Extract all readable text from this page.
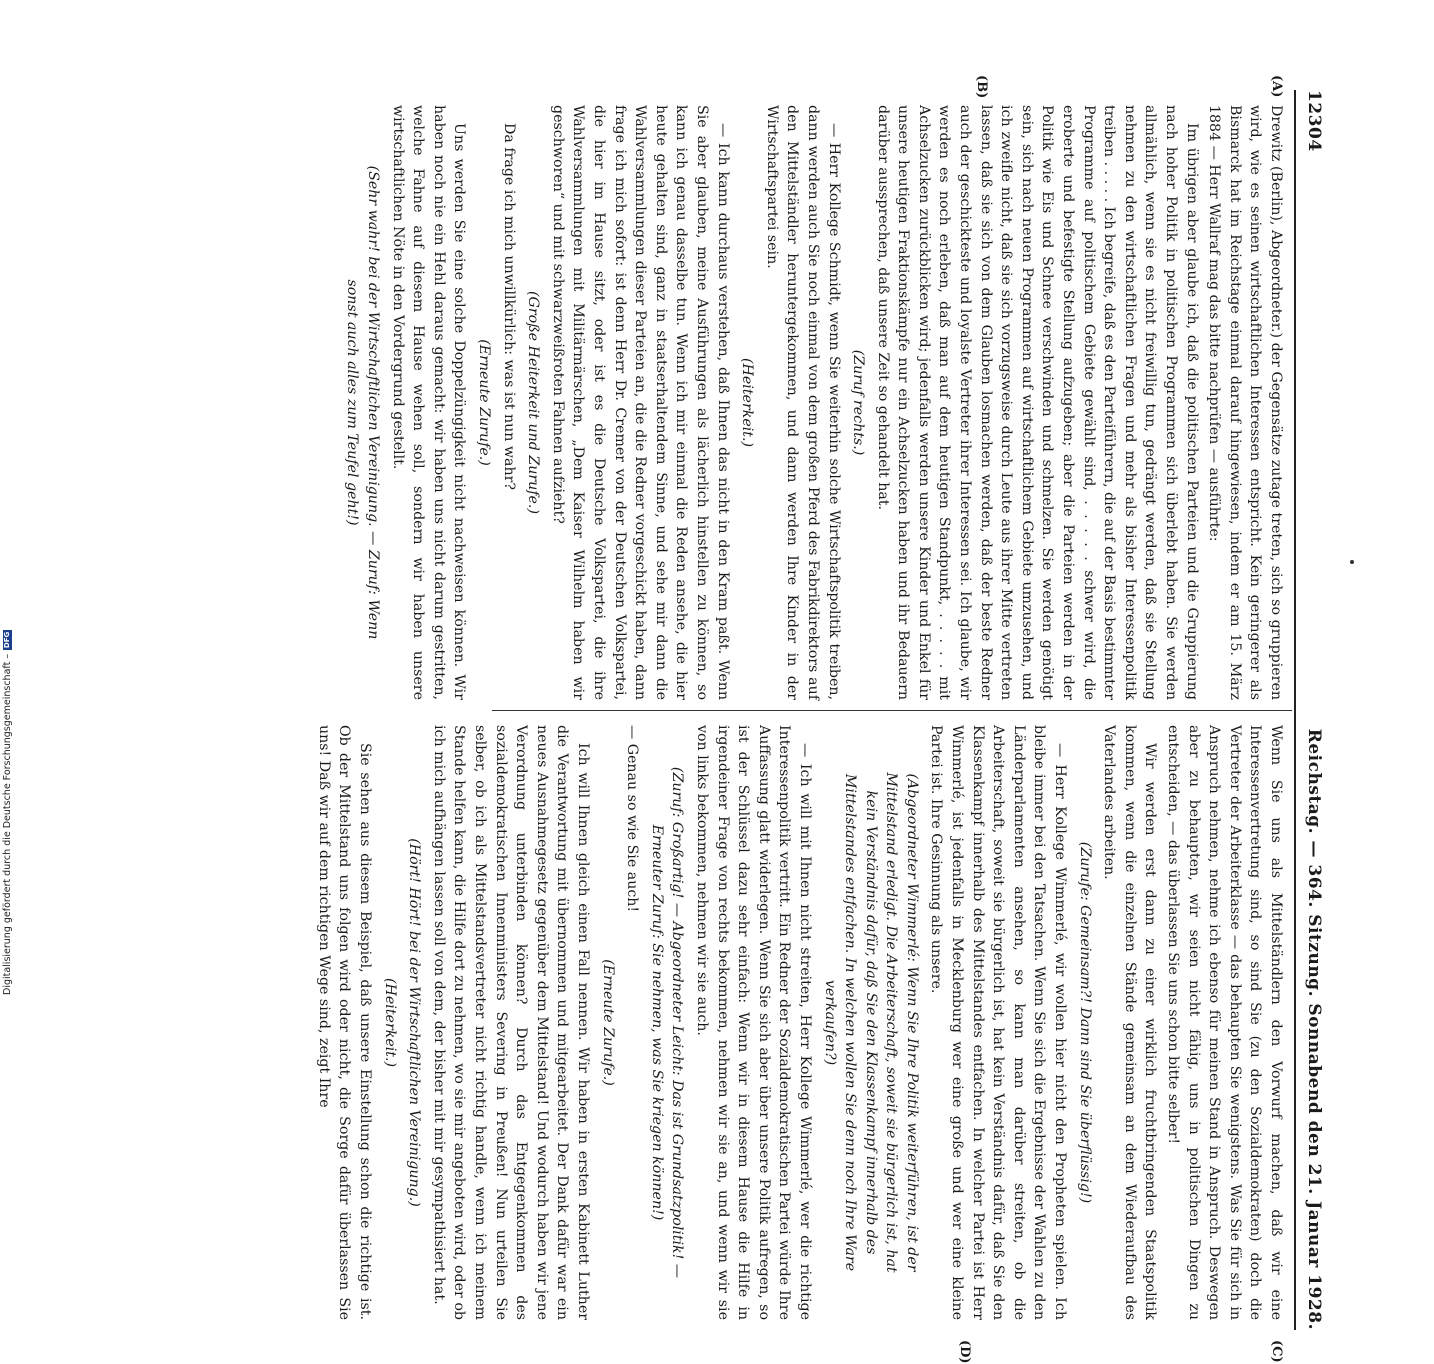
12304
Reichstag. — 364. Sitzung. Sonnabend den 21. Januar 1928.
(A)
(B)
(C)
(D)

Drewitz (Berlin), Abgeordneter.) der Gegensätze zutage treten, sich so gruppieren wird, wie es seinen wirtschaftlichen Interessen entspricht. Kein geringerer als Bismarck hat im Reichstage einmal darauf hingewiesen, indem er am 15. März 1884 — Herr Wallraf mag das bitte nachprüfen — ausführte:

Im übrigen aber glaube ich, daß die politischen Parteien und die Gruppierung nach hoher Politik in politischen Programmen sich überlebt haben. Sie werden allmählich, wenn sie es nicht freiwillig tun, gedrängt werden, daß sie Stellung nehmen zu den wirtschaftlichen Fragen und mehr als bisher Interessenpolitik treiben . . . . . Ich begreife, daß es den Parteiführern, die auf der Basis bestimmter Programme auf politischem Gebiete gewählt sind, . . . . . schwer wird, die eroberte und befestigte Stellung aufzugeben; aber die Parteien werden in der Politik wie Eis und Schnee verschwinden und schmelzen. Sie werden genötigt sein, sich nach neuen Programmen auf wirtschaftlichem Gebiete umzusehen, und ich zweifle nicht, daß sie sich vorzugsweise durch Leute aus ihrer Mitte vertreten lassen, daß sie sich von dem Glauben losmachen werden, daß der beste Redner auch der geschickteste und loyalste Vertreter ihrer Interessen sei. Ich glaube, wir werden es noch erleben, daß man auf dem heutigen Standpunkt, . . . . . mit Achselzucken zurückblicken wird; jedenfalls werden unsere Kinder und Enkel für unsere heutigen Fraktionskämpfe nur ein Achselzucken haben und ihr Bedauern darüber aussprechen, daß unsere Zeit so gehandelt hat.

(Zuruf rechts.)

— Herr Kollege Schmidt, wenn Sie weiterhin solche Wirtschaftspolitik treiben, dann werden auch Sie noch einmal von dem großen Pferd des Fabrikdirektors auf den Mittelständler heruntergekommen, und dann werden Ihre Kinder in der Wirtschaftspartei sein.

(Heiterkeit.)

— Ich kann durchaus verstehen, daß Ihnen das nicht in den Kram paßt. Wenn Sie aber glauben, meine Ausführungen als lächerlich hinstellen zu können, so kann ich genau dasselbe tun. Wenn ich mir einmal die Reden ansehe, die hier heute gehalten sind, ganz in staatserhaltendem Sinne, und sehe mir dann die Wahlversammlungen dieser Parteien an, die die Redner vorgeschickt haben, dann frage ich mich sofort: ist denn Herr Dr. Cremer von der Deutschen Volkspartei, die hier im Hause sitzt, oder ist es die Deutsche Volkspartei, die ihre Wahlversammlungen mit Militärmärschen, „Dem Kaiser Wilhelm haben wir geschworen“ und mit schwarzweißroten Fahnen aufzieht?

(Große Heiterkeit und Zurufe.)

Da frage ich mich unwillkürlich: was ist nun wahr?

(Erneute Zurufe.)

Uns werden Sie eine solche Doppelzüngigkeit nicht nachweisen können. Wir haben noch nie ein Hehl daraus gemacht: wir haben uns nicht darum gestritten, welche Fahne auf diesem Hause wehen soll, sondern wir haben unsere wirtschaftlichen Nöte in den Vordergrund gestellt.

(Sehr wahr! bei der Wirtschaftlichen Vereinigung. — Zuruf: Wenn sonst auch alles zum Teufel geht!)

Wenn Sie uns als Mittelständlern den Vorwurf machen, daß wir eine Interessenvertretung sind, so sind Sie (zu den Sozialdemokraten) doch die Vertreter der Arbeiterklasse — das behaupten Sie wenigstens. Was Sie für sich in Anspruch nehmen, nehme ich ebenso für meinen Stand in Anspruch. Deswegen aber zu behaupten, wir seien nicht fähig, uns in politischen Dingen zu entscheiden, — das überlassen Sie uns schon bitte selber!

Wir werden erst dann zu einer wirklich fruchtbringenden Staatspolitik kommen, wenn die einzelnen Stände gemeinsam an dem Wiederaufbau des Vaterlandes arbeiten.

(Zurufe: Gemeinsam?! Dann sind Sie überflüssig!)

— Herr Kollege Wimmerlé, wir wollen hier nicht den Propheten spielen. Ich bleibe immer bei den Tatsachen. Wenn Sie sich die Ergebnisse der Wahlen zu den Länderparlamenten ansehen, so kann man darüber streiten, ob die Arbeiterschaft, soweit sie bürgerlich ist, hat kein Verständnis dafür, daß Sie den Klassenkampf innerhalb des Mittelstandes entfachen. In welcher Partei ist Herr Wimmerlé, ist jedenfalls in Mecklenburg wer eine große und wer eine kleine Partei ist. Ihre Gesinnung als unsere.

(Abgeordneter Wimmerlé: Wenn Sie Ihre Politik weiterführen, ist der Mittelstand erledigt. Die Arbeiterschaft, soweit sie bürgerlich ist, hat kein Verständnis dafür, daß Sie den Klassenkampf innerhalb des Mittelstandes entfachen. In welchen wollen Sie denn noch Ihre Ware verkaufen?)

— Ich will mit Ihnen nicht streiten, Herr Kollege Wimmerlé, wer die richtige Interessenpolitik vertritt. Ein Redner der Sozialdemokratischen Partei würde Ihre Auffassung glatt widerlegen. Wenn Sie sich aber über unsere Politik aufregen, so ist der Schlüssel dazu sehr einfach: Wenn wir in diesem Hause die Hilfe in irgendeiner Frage von rechts bekommen, nehmen wir sie an, und wenn wir sie von links bekommen, nehmen wir sie auch.

(Zuruf: Großartig! — Abgeordneter Leicht: Das ist Grundsatzpolitik! — Erneuter Zuruf: Sie nehmen, was Sie kriegen können!)

— Genau so wie Sie auch!

(Erneute Zurufe.)

Ich will Ihnen gleich einen Fall nennen. Wir haben in ersten Kabinett Luther die Verantwortung mit übernommen und mitgearbeitet. Der Dank dafür war ein neues Ausnahmegesetz gegenüber dem Mittelstand! Und wodurch haben wir jene Verordnung unterbinden können? Durch das Entgegenkommen des sozialdemokratischen Innenministers Severing in Preußen! Nun urteilen Sie selber, ob ich als Mittelstandsvertreter nicht richtig handle, wenn ich meinem Stande helfen kann, die Hilfe dort zu nehmen, wo sie mir angeboten wird, oder ob ich mich aufhängen lassen soll von dem, der bisher mit mir gesympathisiert hat.

(Hört! Hört! bei der Wirtschaftlichen Vereinigung.)

(Heiterkeit.)

Sie sehen aus diesem Beispiel, daß unsere Einstellung schon die richtige ist. Ob der Mittelstand uns folgen wird oder nicht, die Sorge dafür überlassen Sie uns! Daß wir auf dem richtigen Wege sind, zeigt Ihre

Digitalisierung gefördert durch die Deutsche Forschungsgemeinschaft –
DFG
